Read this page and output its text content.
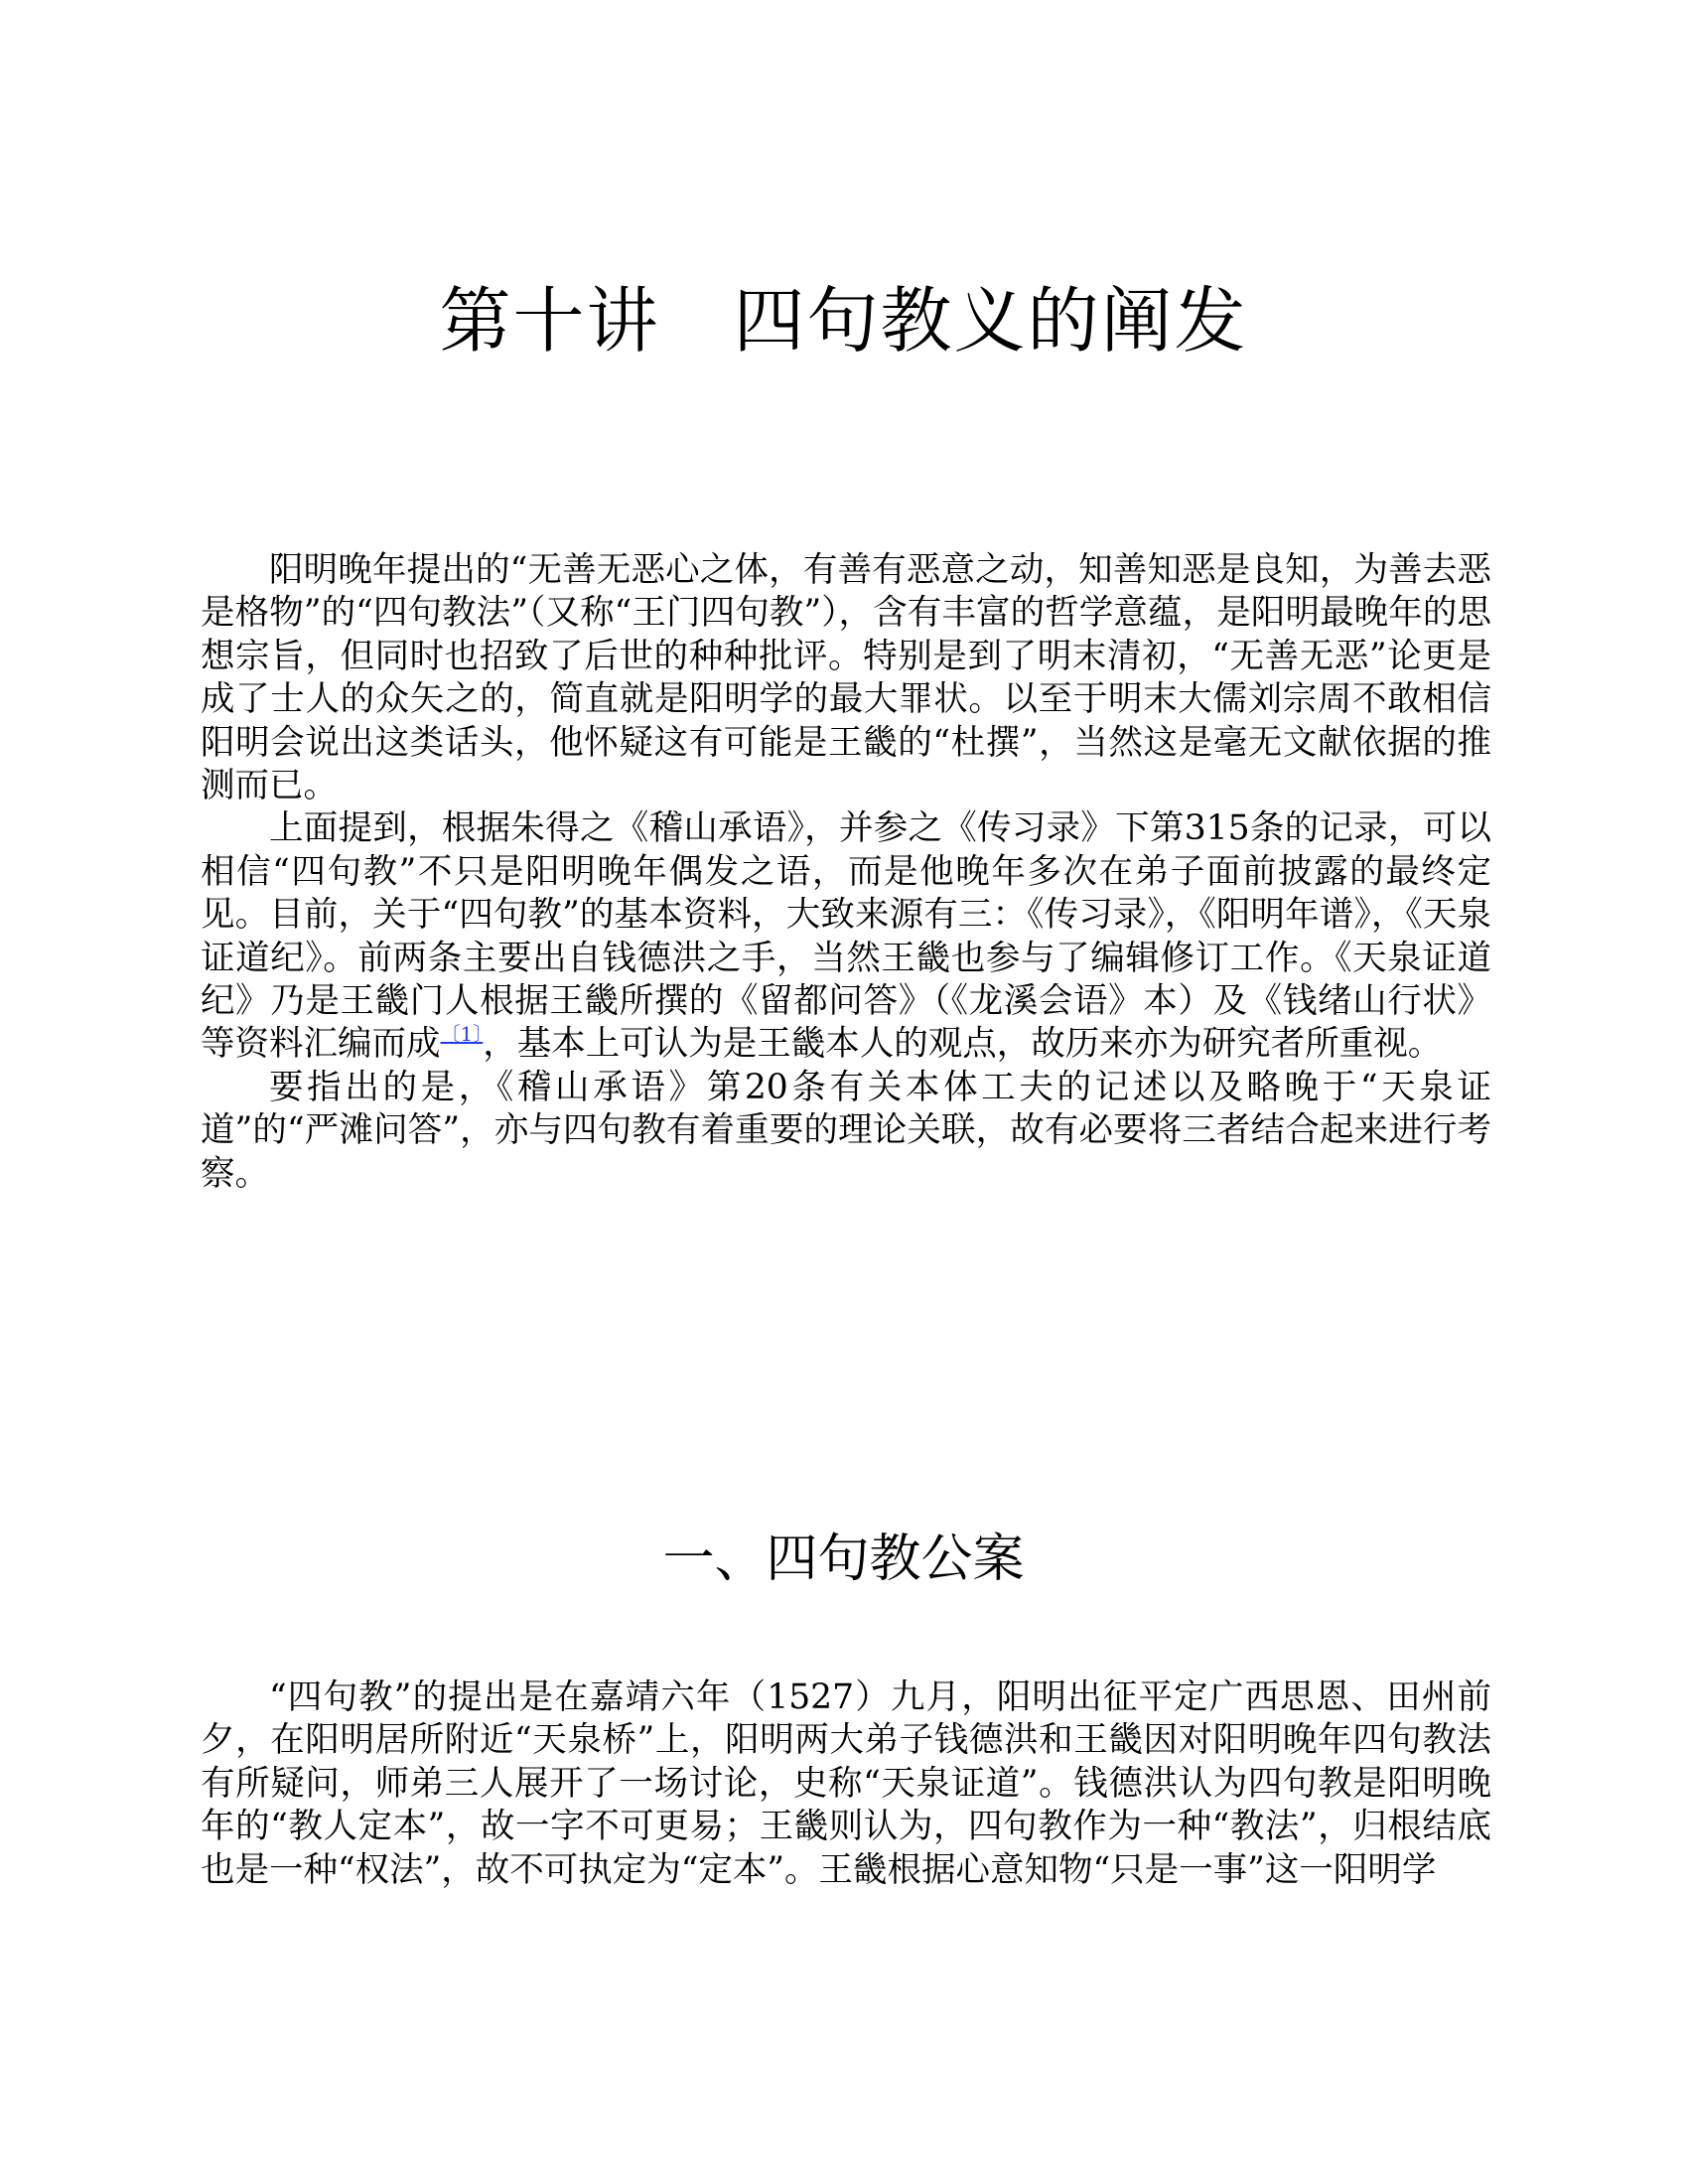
第十讲　四句教义的阐发

阳明晚年提出的“无善无恶心之体，有善有恶意之动，知善知恶是良知，为善去恶是格物”的“四句教法”（又称“王门四句教”），含有丰富的哲学意蕴，是阳明最晚年的思想宗旨，但同时也招致了后世的种种批评。特别是到了明末清初，“无善无恶”论更是成了士人的众矢之的，简直就是阳明学的最大罪状。以至于明末大儒刘宗周不敢相信阳明会说出这类话头，他怀疑这有可能是王畿的“杜撰”，当然这是毫无文献依据的推测而已。

上面提到，根据朱得之《稽山承语》，并参之《传习录》下第315条的记录，可以相信“四句教”不只是阳明晚年偶发之语，而是他晚年多次在弟子面前披露的最终定见。目前，关于“四句教”的基本资料，大致来源有三：《传习录》，《阳明年谱》，《天泉证道纪》。前两条主要出自钱德洪之手，当然王畿也参与了编辑修订工作。《天泉证道纪》乃是王畿门人根据王畿所撰的《留都问答》（《龙溪会语》本）及《钱绪山行状》等资料汇编而成$^{〔1〕}$，基本上可认为是王畿本人的观点，故历来亦为研究者所重视。

要指出的是，《稽山承语》第20条有关本体工夫的记述以及略晚于“天泉证道”的“严滩问答”，亦与四句教有着重要的理论关联，故有必要将三者结合起来进行考察。

一、四句教公案

“四句教”的提出是在嘉靖六年（1527）九月，阳明出征平定广西思恩、田州前夕，在阳明居所附近“天泉桥”上，阳明两大弟子钱德洪和王畿因对阳明晚年四句教法有所疑问，师弟三人展开了一场讨论，史称“天泉证道”。钱德洪认为四句教是阳明晚年的“教人定本”，故一字不可更易；王畿则认为，四句教作为一种“教法”，归根结底也是一种“权法”，故不可执定为“定本”。王畿根据心意知物“只是一事”这一阳明学
